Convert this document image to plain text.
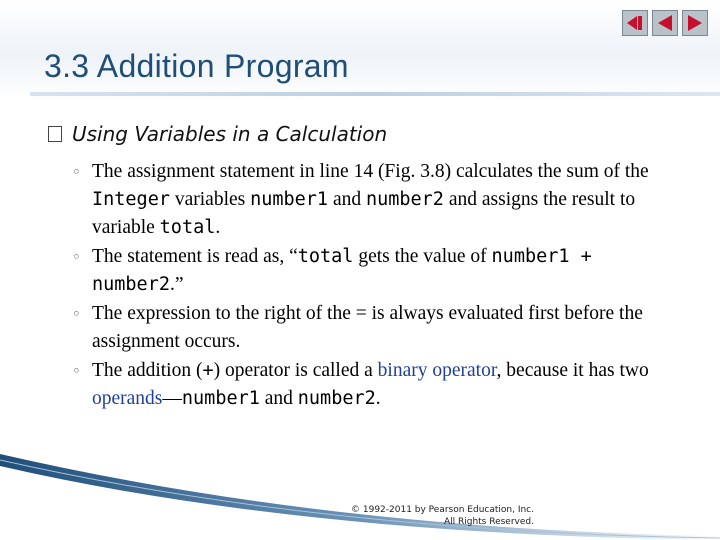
3.3 Addition Program
Using Variables in a Calculation
◦ The assignment statement in line 14 (Fig. 3.8) calculates the sum of the Integer variables number1 and number2 and assigns the result to variable total.
◦ The statement is read as, “total gets the value of number1 + number2.”
◦ The expression to the right of the = is always evaluated first before the assignment occurs.
◦ The addition (+) operator is called a binary operator, because it has two operands—number1 and number2.
© 1992-2011 by Pearson Education, Inc.
All Rights Reserved.
